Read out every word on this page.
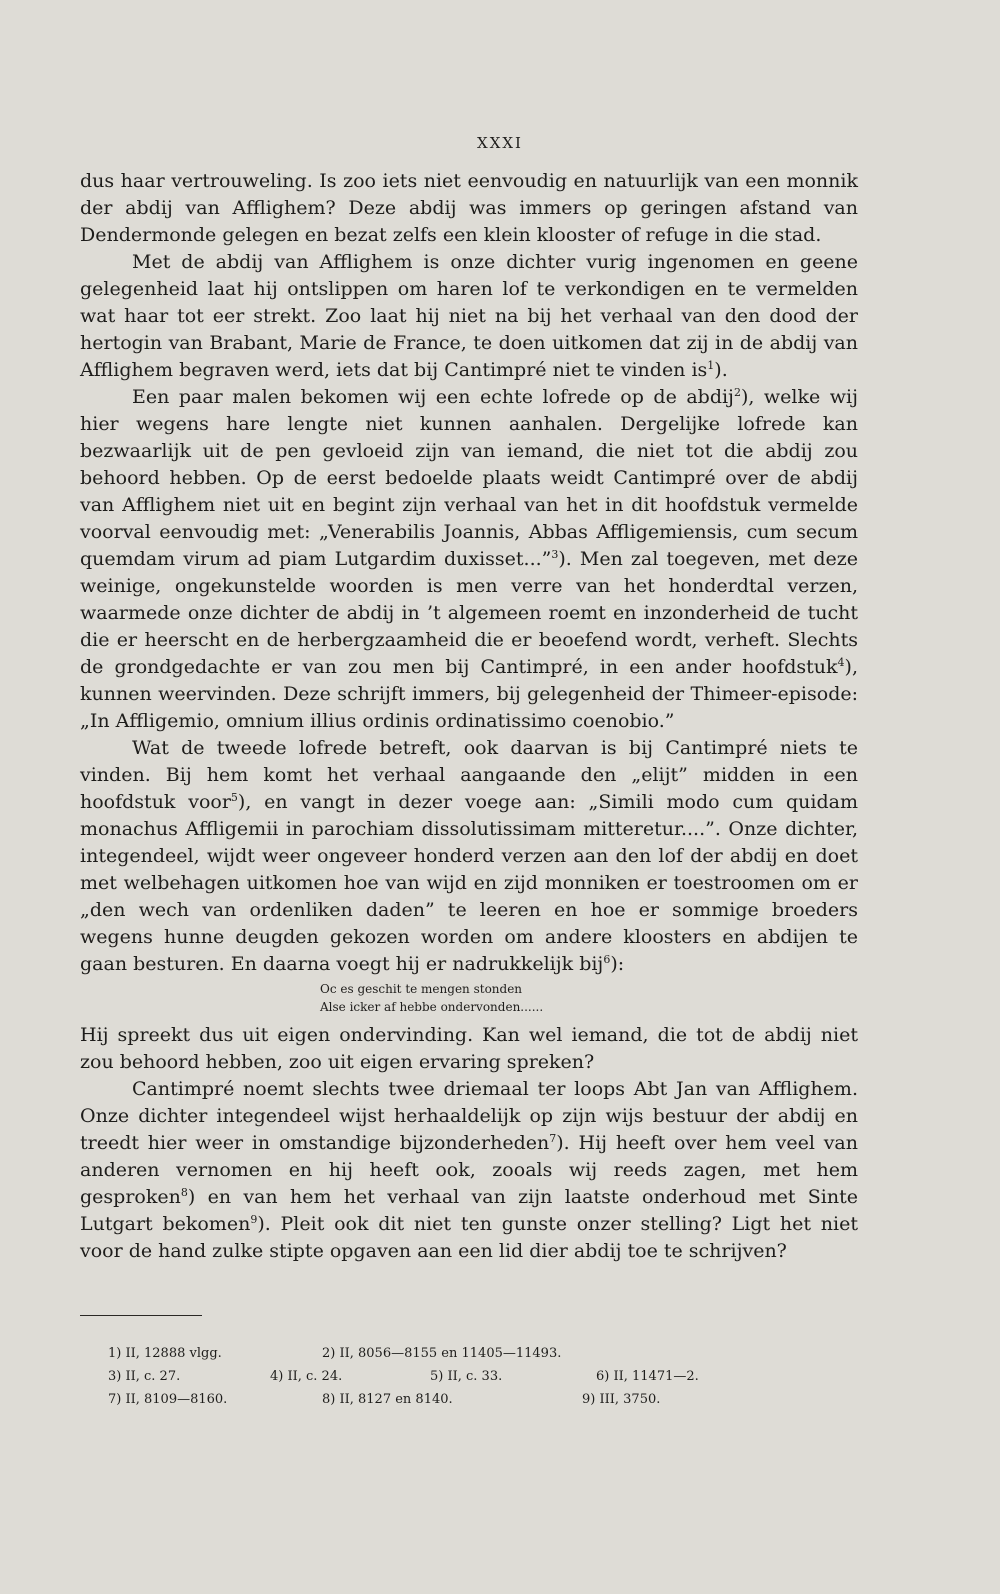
XXXI

dus haar vertrouweling. Is zoo iets niet eenvoudig en natuurlijk van een monnik der abdij van Afflighem? Deze abdij was immers op geringen afstand van Dendermonde gelegen en bezat zelfs een klein klooster of refuge in die stad.

Met de abdij van Afflighem is onze dichter vurig ingenomen en geene gelegenheid laat hij ontslippen om haren lof te verkondigen en te vermelden wat haar tot eer strekt. Zoo laat hij niet na bij het verhaal van den dood der hertogin van Brabant, Marie de France, te doen uitkomen dat zij in de abdij van Afflighem begraven werd, iets dat bij Cantimpré niet te vinden $is^1$).

Een paar malen bekomen wij een echte lofrede op de abdij$^2$), welke wij hier wegens hare lengte niet kunnen aanhalen. Dergelijke lofrede kan bezwaarlijk uit de pen gevloeid zijn van iemand, die niet tot die abdij zou behoord hebben. Op de eerst bedoelde plaats weidt Cantimpré over de abdij van Afflighem niet uit en begint zijn verhaal van het in dit hoofdstuk vermelde voorval eenvoudig met: „Venerabilis Joannis, Abbas Affligemiensis, cum secum quemdam virum ad piam Lutgardim duxisset...”$^3$). Men zal toegeven, met deze weinige, ongekunstelde woorden is men verre van het honderdtal verzen, waarmede onze dichter de abdij in ’t algemeen roemt en inzonderheid de tucht die er heerscht en de herbergzaamheid die er beoefend wordt, verheft. Slechts de grondgedachte er van zou men bij Cantimpré, in een ander hoofdstuk$^4$), kunnen weervinden. Deze schrijft immers, bij gelegenheid der Thimeer-episode: „In Affligemio, omnium illius ordinis ordinatissimo coenobio.”

Wat de tweede lofrede betreft, ook daarvan is bij Cantimpré niets te vinden. Bij hem komt het verhaal aangaande den „elijt” midden in een hoofdstuk voor$^5$), en vangt in dezer voege aan: „Simili modo cum quidam monachus Affligemii in parochiam dissolutissimam mitteretur....”. Onze dichter, integendeel, wijdt weer ongeveer honderd verzen aan den lof der abdij en doet met welbehagen uitkomen hoe van wijd en zijd monniken er toestroomen om er „den wech van ordenliken daden” te leeren en hoe er sommige broeders wegens hunne deugden gekozen worden om andere kloosters en abdijen te gaan besturen. En daarna voegt hij er nadrukkelijk bij$^6$):

Oc es geschit te mengen stonden
Alse icker af hebbe ondervonden......

Hij spreekt dus uit eigen ondervinding. Kan wel iemand, die tot de abdij niet zou behoord hebben, zoo uit eigen ervaring spreken?

Cantimpré noemt slechts twee driemaal ter loops Abt Jan van Afflighem. Onze dichter integendeel wijst herhaaldelijk op zijn wijs bestuur der abdij en treedt hier weer in omstandige bijzonderheden$^7$). Hij heeft over hem veel van anderen vernomen en hij heeft ook, zooals wij reeds zagen, met hem gesproken$^8$) en van hem het verhaal van zijn laatste onderhoud met Sinte Lutgart bekomen$^9$). Pleit ook dit niet ten gunste onzer stelling? Ligt het niet voor de hand zulke stipte opgaven aan een lid dier abdij toe te schrijven?

1) II, 12888 vlgg.	2) II, 8056—8155 en 11405—11493.
3) II, c. 27.	4) II, c. 24.	5) II, c. 33.	6) II, 11471—2.
7) II, 8109—8160.	8) II, 8127 en 8140.	9) III, 3750.
